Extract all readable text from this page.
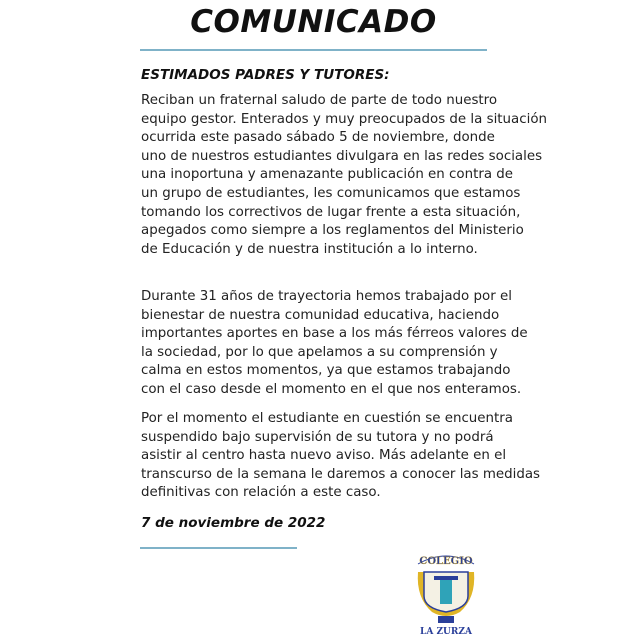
COMUNICADO
ESTIMADOS PADRES Y TUTORES:
Reciban un fraternal saludo de parte de todo nuestro
equipo gestor. Enterados y muy preocupados de la situación
ocurrida este pasado sábado 5 de noviembre, donde
uno de nuestros estudiantes divulgara en las redes sociales
una inoportuna y amenazante publicación en contra de
un grupo de estudiantes, les comunicamos que estamos
tomando los correctivos de lugar frente a esta situación,
apegados como siempre a los reglamentos del Ministerio
de Educación y de nuestra institución a lo interno.
Durante 31 años de trayectoria hemos trabajado por el
bienestar de nuestra comunidad educativa, haciendo
importantes aportes en base a los más férreos valores de
la sociedad, por lo que apelamos a su comprensión y
calma en estos momentos, ya que estamos trabajando
con el caso desde el momento en el que nos enteramos.
Por el momento el estudiante en cuestión se encuentra
suspendido bajo supervisión de su tutora y no podrá
asistir al centro hasta nuevo aviso. Más adelante en el
transcurso de la semana le daremos a conocer las medidas
definitivas con relación a este caso.
7 de noviembre de 2022
COLEGIO
LA ZURZA
